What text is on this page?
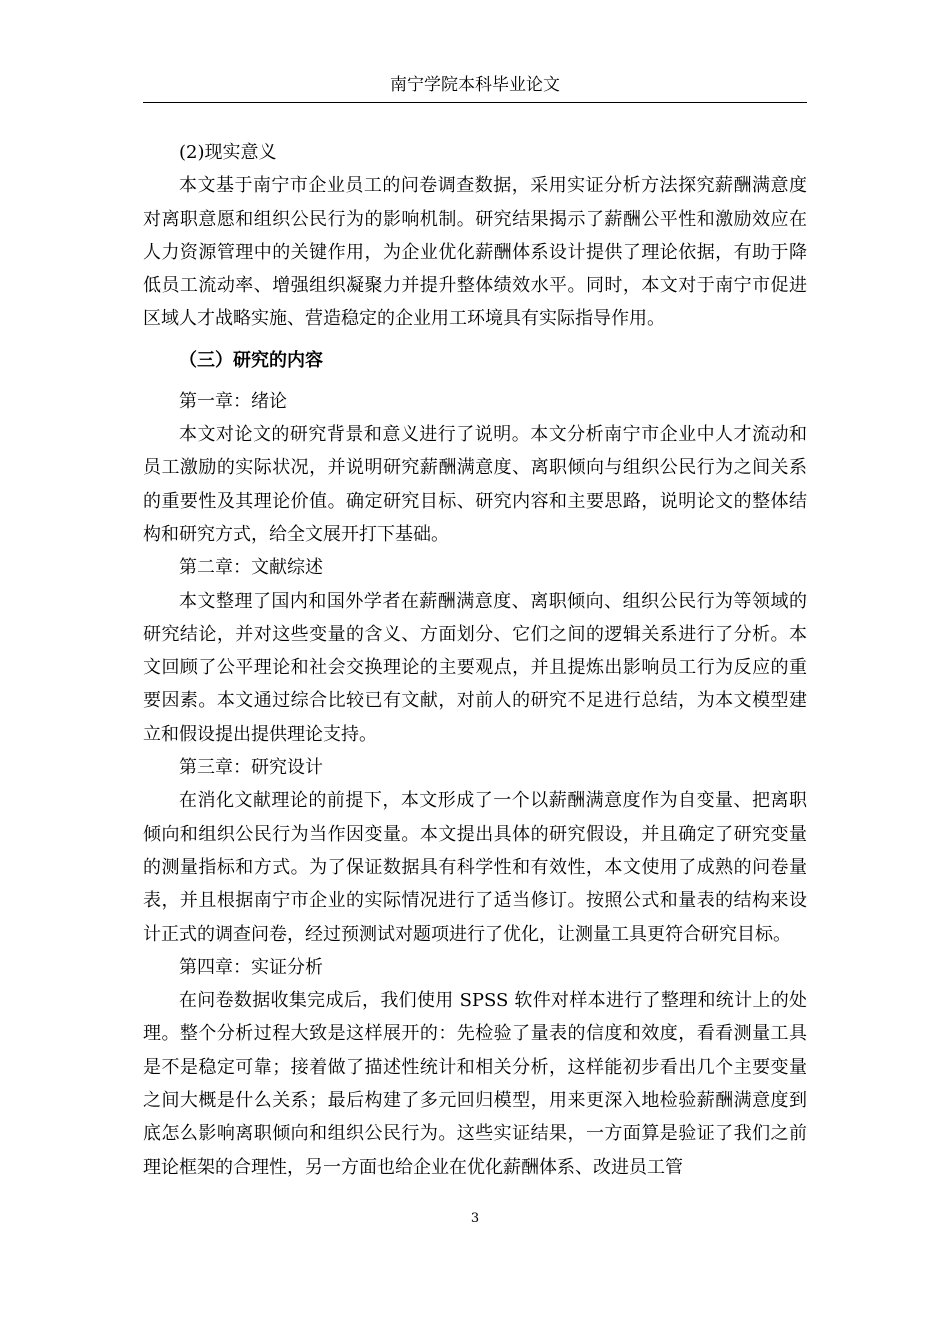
南宁学院本科毕业论文

(2)现实意义

本文基于南宁市企业员工的问卷调查数据，采用实证分析方法探究薪酬满意度对离职意愿和组织公民行为的影响机制。研究结果揭示了薪酬公平性和激励效应在人力资源管理中的关键作用，为企业优化薪酬体系设计提供了理论依据，有助于降低员工流动率、增强组织凝聚力并提升整体绩效水平。同时，本文对于南宁市促进区域人才战略实施、营造稳定的企业用工环境具有实际指导作用。

（三）研究的内容

第一章：绪论

本文对论文的研究背景和意义进行了说明。本文分析南宁市企业中人才流动和员工激励的实际状况，并说明研究薪酬满意度、离职倾向与组织公民行为之间关系的重要性及其理论价值。确定研究目标、研究内容和主要思路，说明论文的整体结构和研究方式，给全文展开打下基础。

第二章：文献综述

本文整理了国内和国外学者在薪酬满意度、离职倾向、组织公民行为等领域的研究结论，并对这些变量的含义、方面划分、它们之间的逻辑关系进行了分析。本文回顾了公平理论和社会交换理论的主要观点，并且提炼出影响员工行为反应的重要因素。本文通过综合比较已有文献，对前人的研究不足进行总结，为本文模型建立和假设提出提供理论支持。

第三章：研究设计

在消化文献理论的前提下，本文形成了一个以薪酬满意度作为自变量、把离职倾向和组织公民行为当作因变量。本文提出具体的研究假设，并且确定了研究变量的测量指标和方式。为了保证数据具有科学性和有效性，本文使用了成熟的问卷量表，并且根据南宁市企业的实际情况进行了适当修订。按照公式和量表的结构来设计正式的调查问卷，经过预测试对题项进行了优化，让测量工具更符合研究目标。

第四章：实证分析

在问卷数据收集完成后，我们使用 SPSS 软件对样本进行了整理和统计上的处理。整个分析过程大致是这样展开的：先检验了量表的信度和效度，看看测量工具是不是稳定可靠；接着做了描述性统计和相关分析，这样能初步看出几个主要变量之间大概是什么关系；最后构建了多元回归模型，用来更深入地检验薪酬满意度到底怎么影响离职倾向和组织公民行为。这些实证结果，一方面算是验证了我们之前理论框架的合理性，另一方面也给企业在优化薪酬体系、改进员工管

3
